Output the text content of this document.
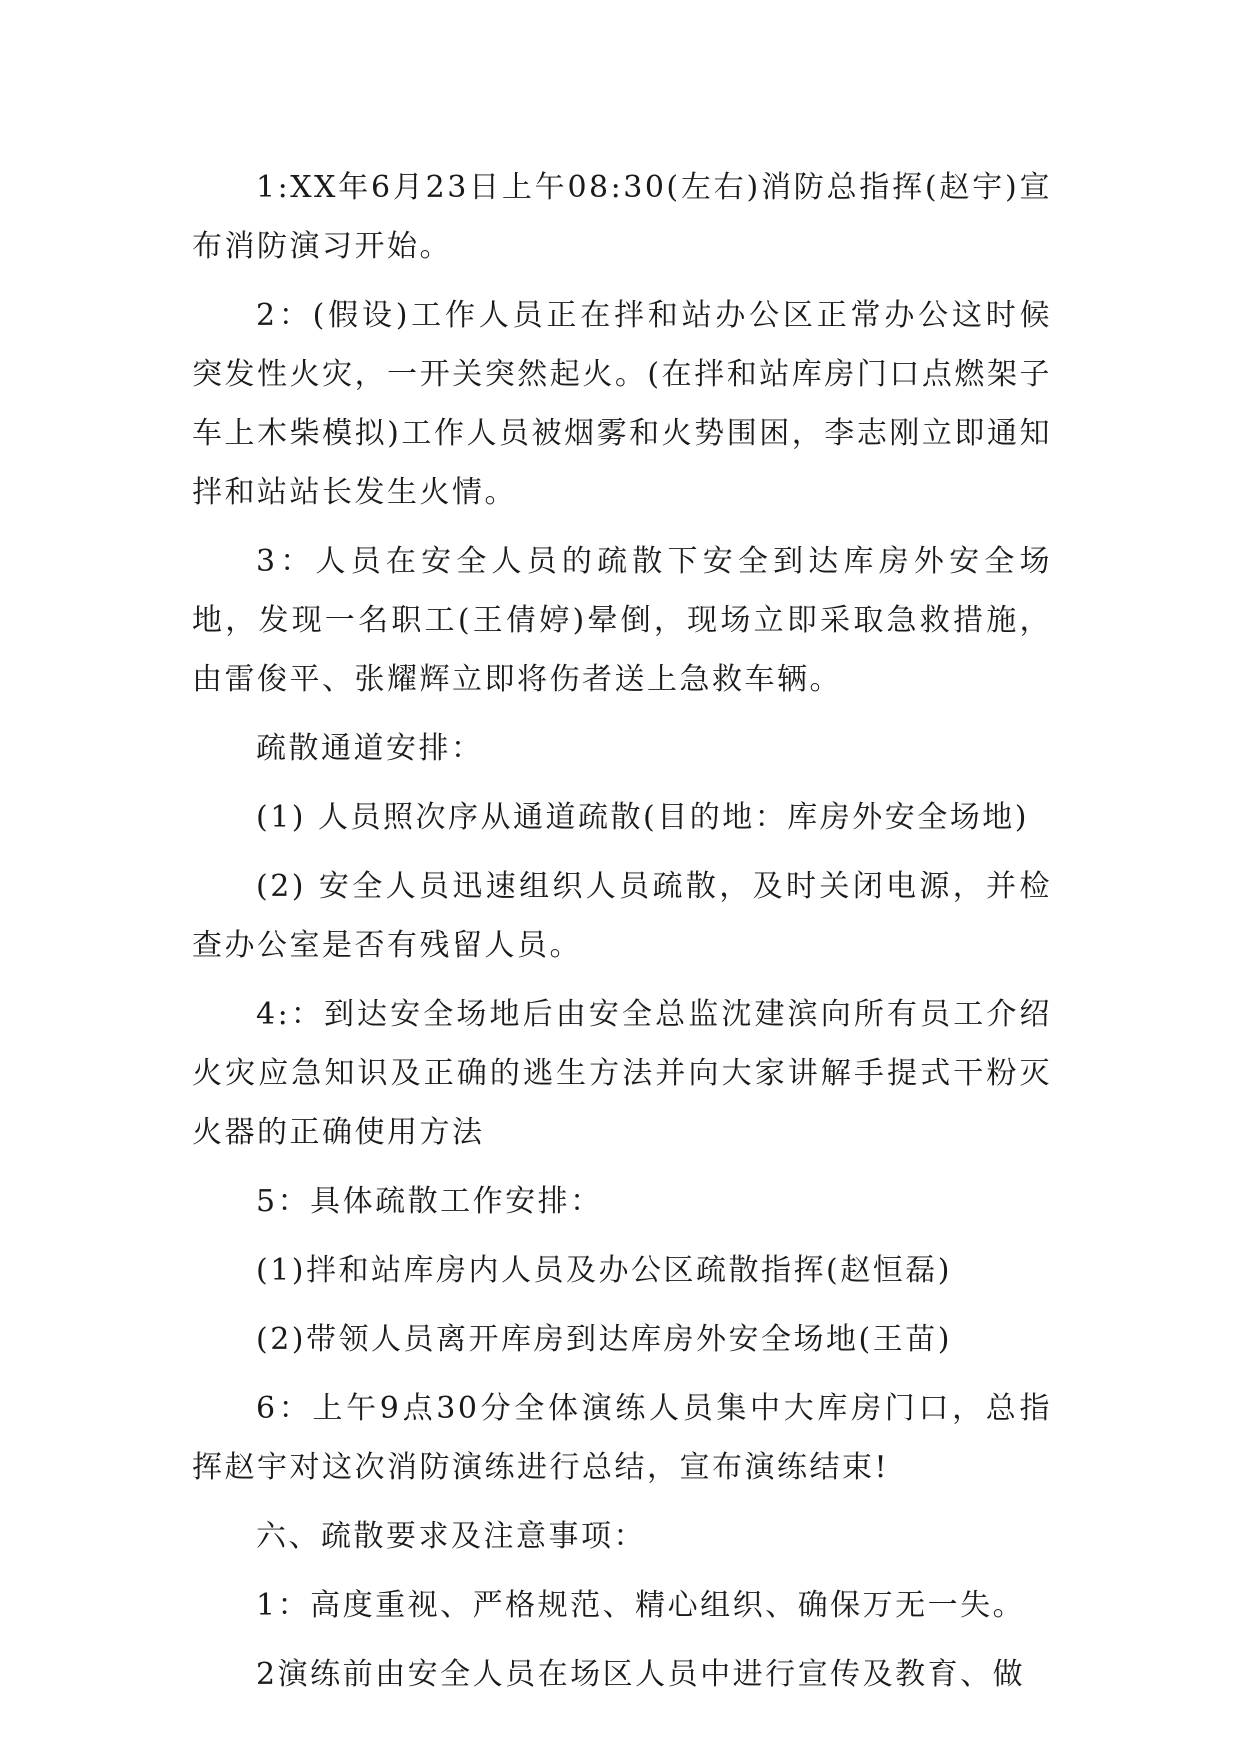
1:XX年6月23日上午08:30(左右)消防总指挥(赵宇)宣布消防演习开始。

2：(假设)工作人员正在拌和站办公区正常办公这时候突发性火灾，一开关突然起火。(在拌和站库房门口点燃架子车上木柴模拟)工作人员被烟雾和火势围困，李志刚立即通知拌和站站长发生火情。

3：人员在安全人员的疏散下安全到达库房外安全场地，发现一名职工(王倩婷)晕倒，现场立即采取急救措施，由雷俊平、张耀辉立即将伤者送上急救车辆。

疏散通道安排：

(1) 人员照次序从通道疏散(目的地：库房外安全场地)

(2) 安全人员迅速组织人员疏散，及时关闭电源，并检查办公室是否有残留人员。

4:：到达安全场地后由安全总监沈建滨向所有员工介绍火灾应急知识及正确的逃生方法并向大家讲解手提式干粉灭火器的正确使用方法

5：具体疏散工作安排：

(1)拌和站库房内人员及办公区疏散指挥(赵恒磊)

(2)带领人员离开库房到达库房外安全场地(王苗)

6：上午9点30分全体演练人员集中大库房门口，总指挥赵宇对这次消防演练进行总结，宣布演练结束!

六、疏散要求及注意事项：

1：高度重视、严格规范、精心组织、确保万无一失。

2演练前由安全人员在场区人员中进行宣传及教育、做
